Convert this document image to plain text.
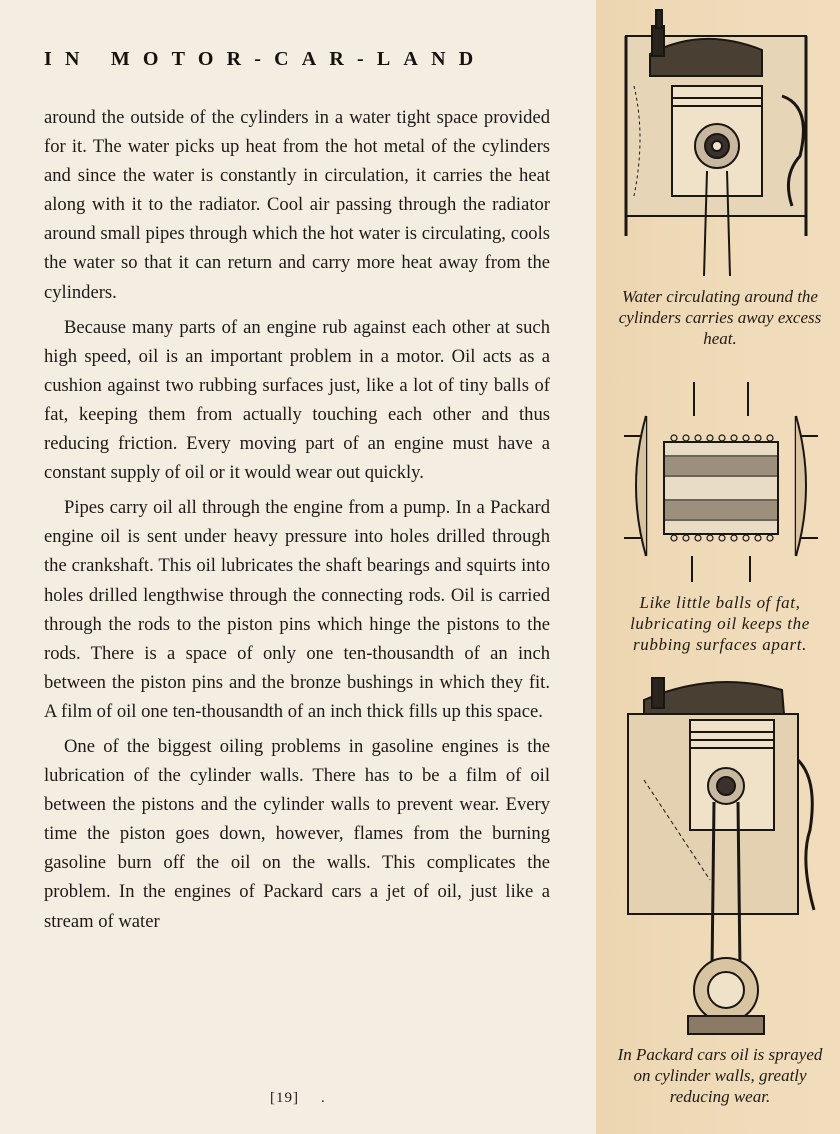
IN MOTOR-CAR-LAND

around the outside of the cylinders in a water tight space provided for it. The water picks up heat from the hot metal of the cylinders and since the water is constantly in circulation, it carries the heat along with it to the radiator. Cool air passing through the radiator around small pipes through which the hot water is circulating, cools the water so that it can return and carry more heat away from the cylinders.

Because many parts of an engine rub against each other at such high speed, oil is an important problem in a motor. Oil acts as a cushion against two rubbing surfaces just, like a lot of tiny balls of fat, keeping them from actually touching each other and thus reducing friction. Every moving part of an engine must have a constant supply of oil or it would wear out quickly.

Pipes carry oil all through the engine from a pump. In a Packard engine oil is sent under heavy pressure into holes drilled through the crankshaft. This oil lubricates the shaft bearings and squirts into holes drilled lengthwise through the connecting rods. Oil is carried through the rods to the piston pins which hinge the pistons to the rods. There is a space of only one ten-thousandth of an inch between the piston pins and the bronze bushings in which they fit. A film of oil one ten-thousandth of an inch thick fills up this space.

One of the biggest oiling problems in gasoline engines is the lubrication of the cylinder walls. There has to be a film of oil between the pistons and the cylinder walls to prevent wear. Every time the piston goes down, however, flames from the burning gasoline burn off the oil on the walls. This complicates the problem. In the engines of Packard cars a jet of oil, just like a stream of water

[19] .
Water circulating around the cylinders carries away excess heat.
Like little balls of fat, lubricating oil keeps the rubbing surfaces apart.
In Packard cars oil is sprayed on cylinder walls, greatly reducing wear.
